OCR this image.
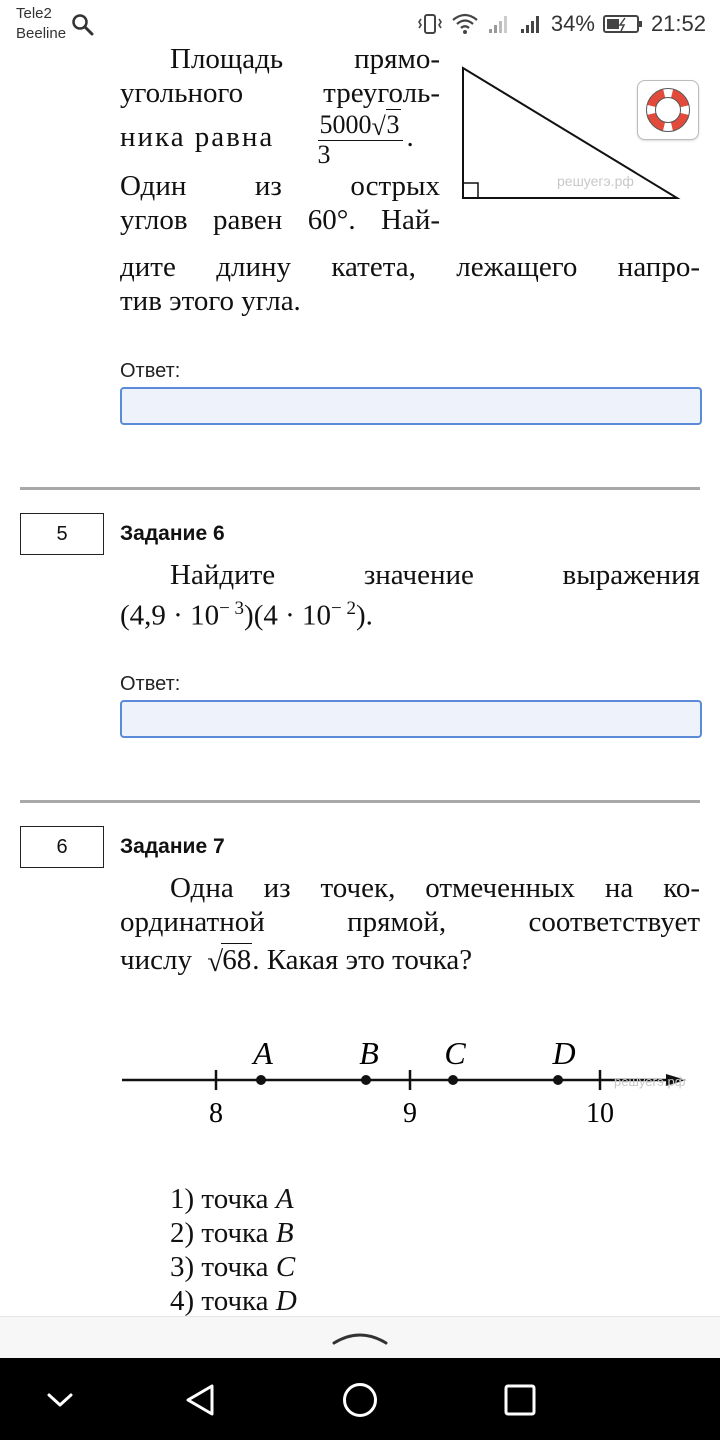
Tele2
Beeline	34%	21:52
Площадь прямо-
угольного треуголь-
ника равна $\frac{5000 √ 3}{3}$ .
Один из острых
углов равен 60°. Най-
дите длину катета, лежащего напро-
тив этого угла.
решуегэ.рф
Ответ:
5	Задание 6
Найдите значение выражения
$(4,9 \cdot 10^{- 3})(4 \cdot 10^{- 2})$.
Ответ:
6	Задание 7
Одна из точек, отмеченных на ко-
ординатной прямой, соответствует
числу √ 68. Какая это точка?
решуегэ.рф
8	9	10
A	B C	D
1) точка A
2) точка B
3) точка C
4) точка D
